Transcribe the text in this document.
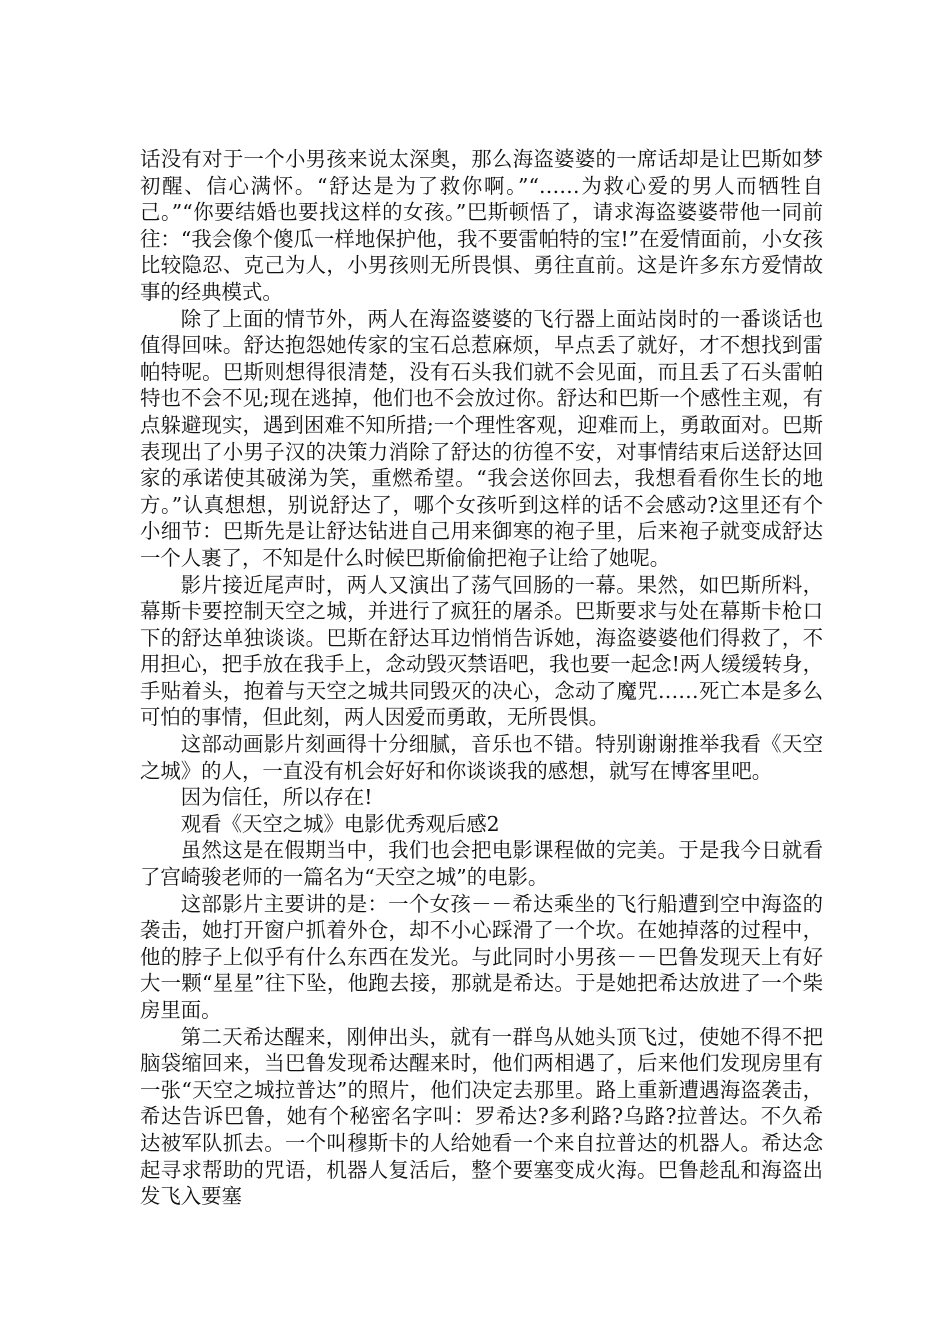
话没有对于一个小男孩来说太深奥，那么海盗婆婆的一席话却是让巴斯如梦初醒、信心满怀。“舒达是为了救你啊。”“……为救心爱的男人而牺牲自己。”“你要结婚也要找这样的女孩。”巴斯顿悟了，请求海盗婆婆带他一同前往：“我会像个傻瓜一样地保护他，我不要雷帕特的宝!”在爱情面前，小女孩比较隐忍、克己为人，小男孩则无所畏惧、勇往直前。这是许多东方爱情故事的经典模式。

除了上面的情节外，两人在海盗婆婆的飞行器上面站岗时的一番谈话也值得回味。舒达抱怨她传家的宝石总惹麻烦，早点丢了就好，才不想找到雷帕特呢。巴斯则想得很清楚，没有石头我们就不会见面，而且丢了石头雷帕特也不会不见;现在逃掉，他们也不会放过你。舒达和巴斯一个感性主观，有点躲避现实，遇到困难不知所措;一个理性客观，迎难而上，勇敢面对。巴斯表现出了小男子汉的决策力消除了舒达的彷徨不安，对事情结束后送舒达回家的承诺使其破涕为笑，重燃希望。“我会送你回去，我想看看你生长的地方。”认真想想，别说舒达了，哪个女孩听到这样的话不会感动?这里还有个小细节：巴斯先是让舒达钻进自己用来御寒的袍子里，后来袍子就变成舒达一个人裹了，不知是什么时候巴斯偷偷把袍子让给了她呢。

影片接近尾声时，两人又演出了荡气回肠的一幕。果然，如巴斯所料，幕斯卡要控制天空之城，并进行了疯狂的屠杀。巴斯要求与处在幕斯卡枪口下的舒达单独谈谈。巴斯在舒达耳边悄悄告诉她，海盗婆婆他们得救了，不用担心，把手放在我手上，念动毁灭禁语吧，我也要一起念!两人缓缓转身，手贴着头，抱着与天空之城共同毁灭的决心，念动了魔咒……死亡本是多么可怕的事情，但此刻，两人因爱而勇敢，无所畏惧。

这部动画影片刻画得十分细腻，音乐也不错。特别谢谢推举我看《天空之城》的人，一直没有机会好好和你谈谈我的感想，就写在博客里吧。

因为信任，所以存在!

观看《天空之城》电影优秀观后感2

虽然这是在假期当中，我们也会把电影课程做的完美。于是我今日就看了宫崎骏老师的一篇名为“天空之城”的电影。

这部影片主要讲的是：一个女孩－－希达乘坐的飞行船遭到空中海盗的袭击，她打开窗户抓着外仓，却不小心踩滑了一个坎。在她掉落的过程中，他的脖子上似乎有什么东西在发光。与此同时小男孩－－巴鲁发现天上有好大一颗“星星”往下坠，他跑去接，那就是希达。于是她把希达放进了一个柴房里面。

第二天希达醒来，刚伸出头，就有一群鸟从她头顶飞过，使她不得不把脑袋缩回来，当巴鲁发现希达醒来时，他们两相遇了，后来他们发现房里有一张“天空之城拉普达”的照片，他们决定去那里。路上重新遭遇海盗袭击，希达告诉巴鲁，她有个秘密名字叫：罗希达?多利路?乌路?拉普达。不久希达被军队抓去。一个叫穆斯卡的人给她看一个来自拉普达的机器人。希达念起寻求帮助的咒语，机器人复活后，整个要塞变成火海。巴鲁趁乱和海盗出发飞入要塞
